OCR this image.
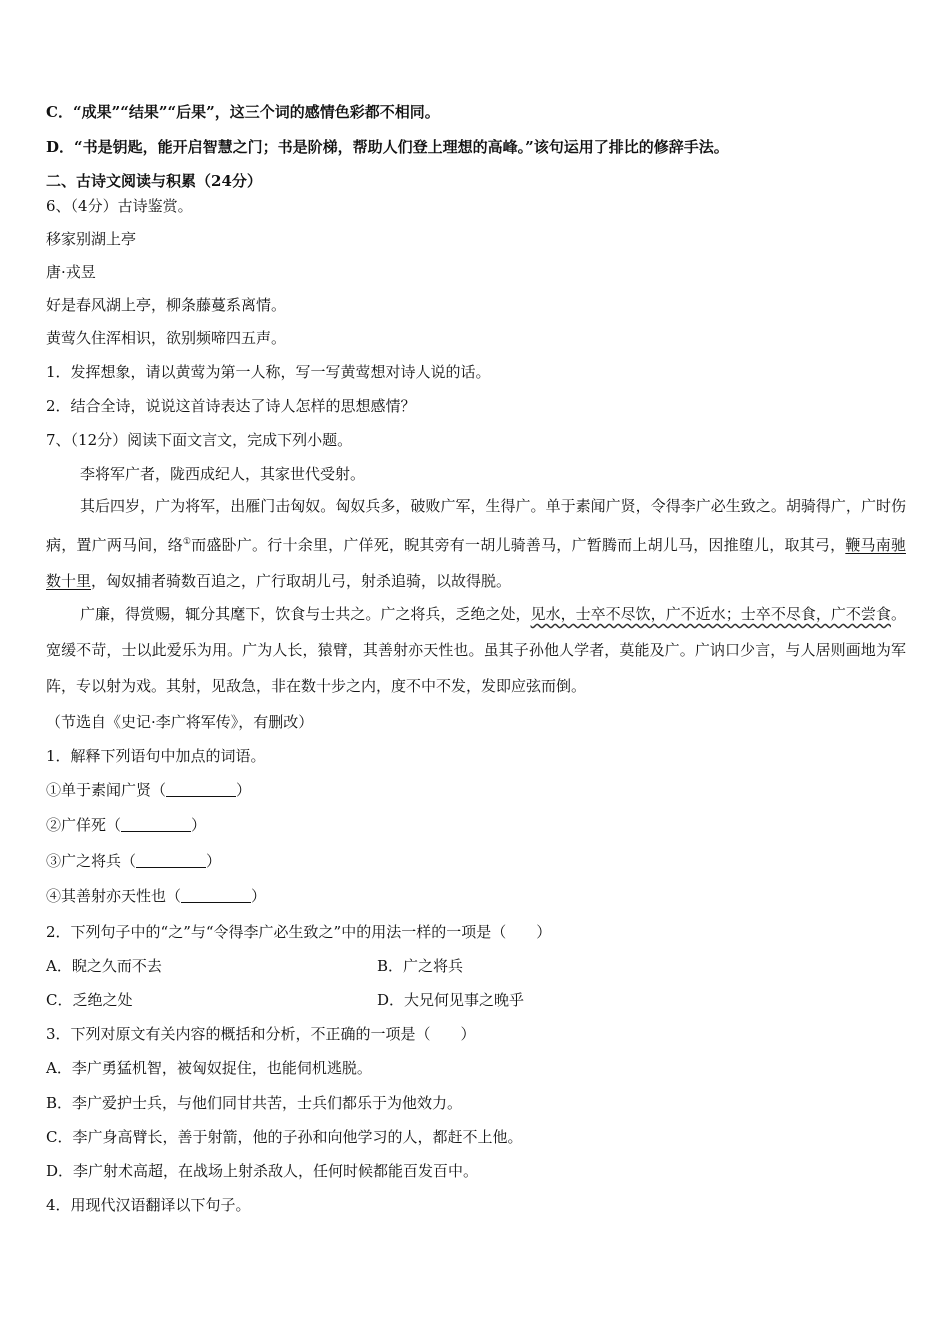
C．“成果”“结果”“后果”，这三个词的感情色彩都不相同。
D．“书是钥匙，能开启智慧之门；书是阶梯，帮助人们登上理想的高峰。”该句运用了排比的修辞手法。
二、古诗文阅读与积累（24分）
6、（4分）古诗鉴赏。
移家别湖上亭
唐·戎昱
好是春风湖上亭，柳条藤蔓系离情。
黄莺久住浑相识，欲别频啼四五声。
1．发挥想象，请以黄莺为第一人称，写一写黄莺想对诗人说的话。
2．结合全诗，说说这首诗表达了诗人怎样的思想感情？
7、（12分）阅读下面文言文，完成下列小题。
李将军广者，陇西成纪人，其家世代受射。
其后四岁，广为将军，出雁门击匈奴。匈奴兵多，破败广军，生得广。单于素闻广贤，令得李广必生致之。胡骑得广，广时伤病，置广两马间，络①而盛卧广。行十余里，广佯死，睨其旁有一胡儿骑善马，广暂腾而上胡儿马，因推堕儿，取其弓，鞭马南驰数十里，匈奴捕者骑数百追之，广行取胡儿弓，射杀追骑，以故得脱。
广廉，得赏赐，辄分其麾下，饮食与士共之。广之将兵，乏绝之处，见水，士卒不尽饮，广不近水；士卒不尽食，广不尝食。宽缓不苛，士以此爱乐为用。广为人长，猿臂，其善射亦天性也。虽其子孙他人学者，莫能及广。广讷口少言，与人居则画地为军阵，专以射为戏。其射，见敌急，非在数十步之内，度不中不发，发即应弦而倒。
（节选自《史记·李广将军传》，有删改）
1．解释下列语句中加点的词语。
①单于素闻广贤（	）
②广佯死（	）
③广之将兵（	）
④其善射亦天性也（	）
2．下列句子中的“之”与“令得李广必生致之”中的用法一样的一项是（　　）
A．睨之久而不去	B．广之将兵
C．乏绝之处	D．大兄何见事之晚乎
3．下列对原文有关内容的概括和分析，不正确的一项是（　　）
A．李广勇猛机智，被匈奴捉住，也能伺机逃脱。
B．李广爱护士兵，与他们同甘共苦，士兵们都乐于为他效力。
C．李广身高臂长，善于射箭，他的子孙和向他学习的人，都赶不上他。
D．李广射术高超，在战场上射杀敌人，任何时候都能百发百中。
4．用现代汉语翻译以下句子。
